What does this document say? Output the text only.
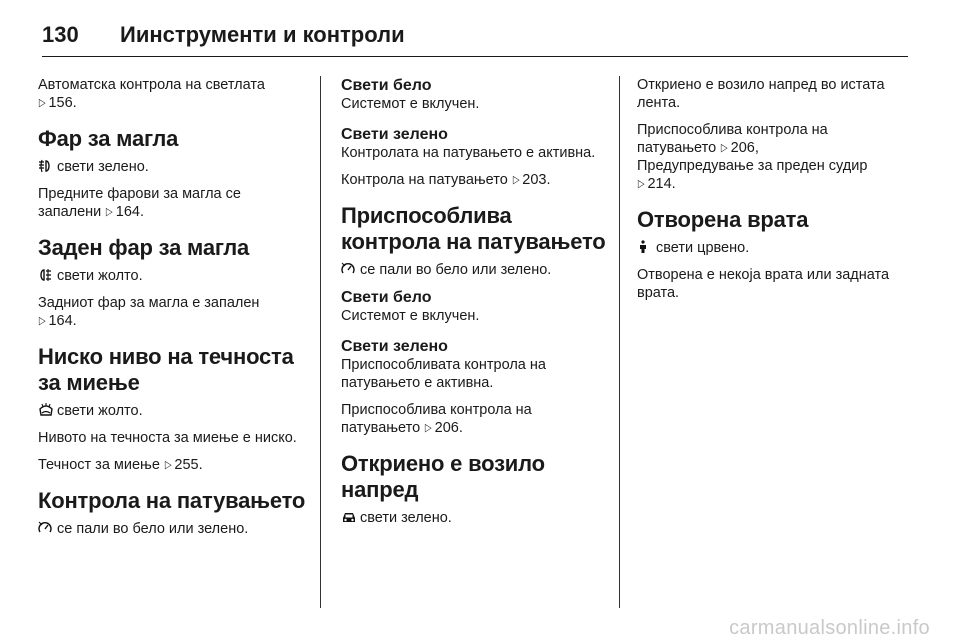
130 Иинструменти и контроли

Автоматска контрола на светлата
▷ 156.

Фар за магла

свети зелено.

Предните фарови за магла се запалени ▷ 164.

Заден фар за магла

свети жолто.

Задниот фар за магла е запален
▷ 164.

Ниско ниво на течноста за миење

свети жолто.

Нивото на течноста за миење е ниско.

Течност за миење ▷ 255.

Контрола на патувањето

се пали во бело или зелено.

Свети бело

Системот е вклучен.

Свети зелено

Контролата на патувањето е активна.

Контрола на патувањето ▷ 203.

Приспособлива контрола на патувањето

се пали во бело или зелено.

Свети бело

Системот е вклучен.

Свети зелено

Приспособливата контрола на патувањето е активна.

Приспособлива контрола на патувањето ▷ 206.

Откриено е возило напред

свети зелено.

Откриено е возило напред во истата лента.

Приспособлива контрола на патувањето ▷ 206,
Предупредување за преден судир
▷ 214.

Отворена врата

свети црвено.

Отворена е некоја врата или задната врата.

carmanualsonline.info
